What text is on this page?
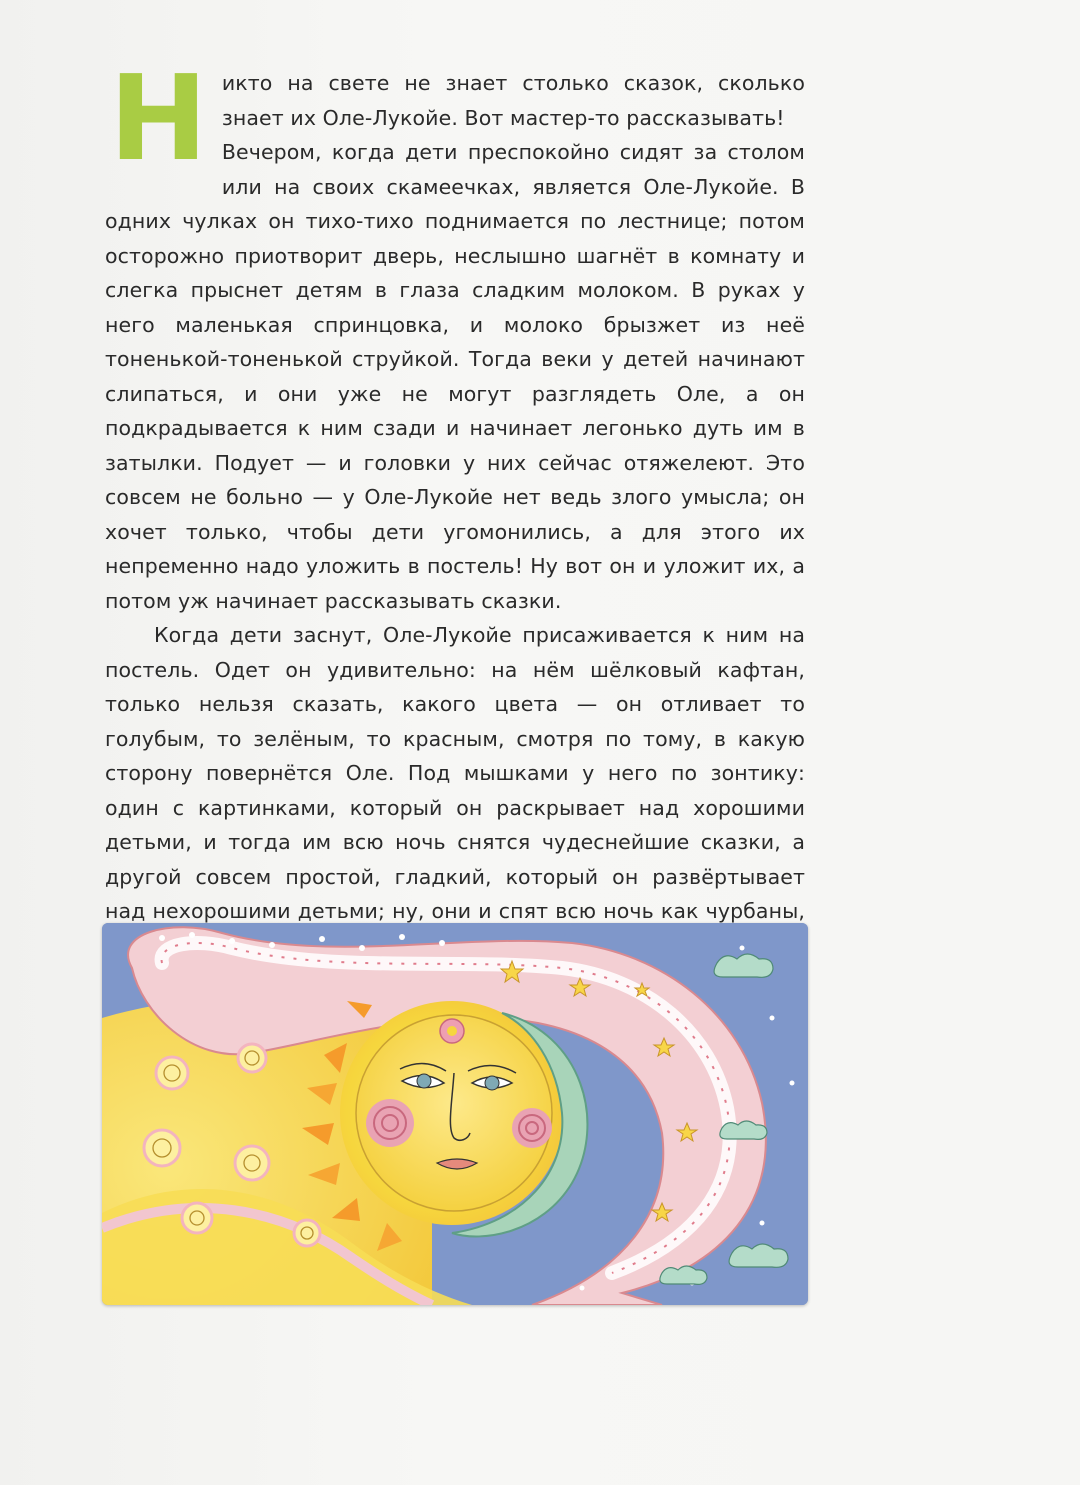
Никто на свете не знает столько сказок, сколько знает их Оле-Лукойе. Вот мастер-то рассказывать!

Вечером, когда дети преспокойно сидят за столом или на своих скамеечках, является Оле-Лукойе. В одних чулках он тихо-тихо поднимается по лестнице; потом осторожно приотворит дверь, неслышно шагнёт в комнату и слегка прыснет детям в глаза сладким молоком. В руках у него маленькая спринцовка, и молоко брызжет из неё тоненькой-тоненькой струйкой. Тогда веки у детей начинают слипаться, и они уже не могут разглядеть Оле, а он подкрадывается к ним сзади и начинает легонько дуть им в затылки. Подует — и головки у них сейчас отяжелеют. Это совсем не больно — у Оле-Лукойе нет ведь злого умысла; он хочет только, чтобы дети угомонились, а для этого их непременно надо уложить в постель! Ну вот он и уложит их, а потом уж начинает рассказывать сказки.

Когда дети заснут, Оле-Лукойе присаживается к ним на постель. Одет он удивительно: на нём шёлковый кафтан, только нельзя сказать, какого цвета — он отливает то голубым, то зелёным, то красным, смотря по тому, в какую сторону повернётся Оле. Под мышками у него по зонтику: один с картинками, который он раскрывает над хорошими детьми, и тогда им всю ночь снятся чудеснейшие сказки, а другой совсем простой, гладкий, который он развёртывает над нехорошими детьми; ну, они и спят всю ночь как чурбаны,
